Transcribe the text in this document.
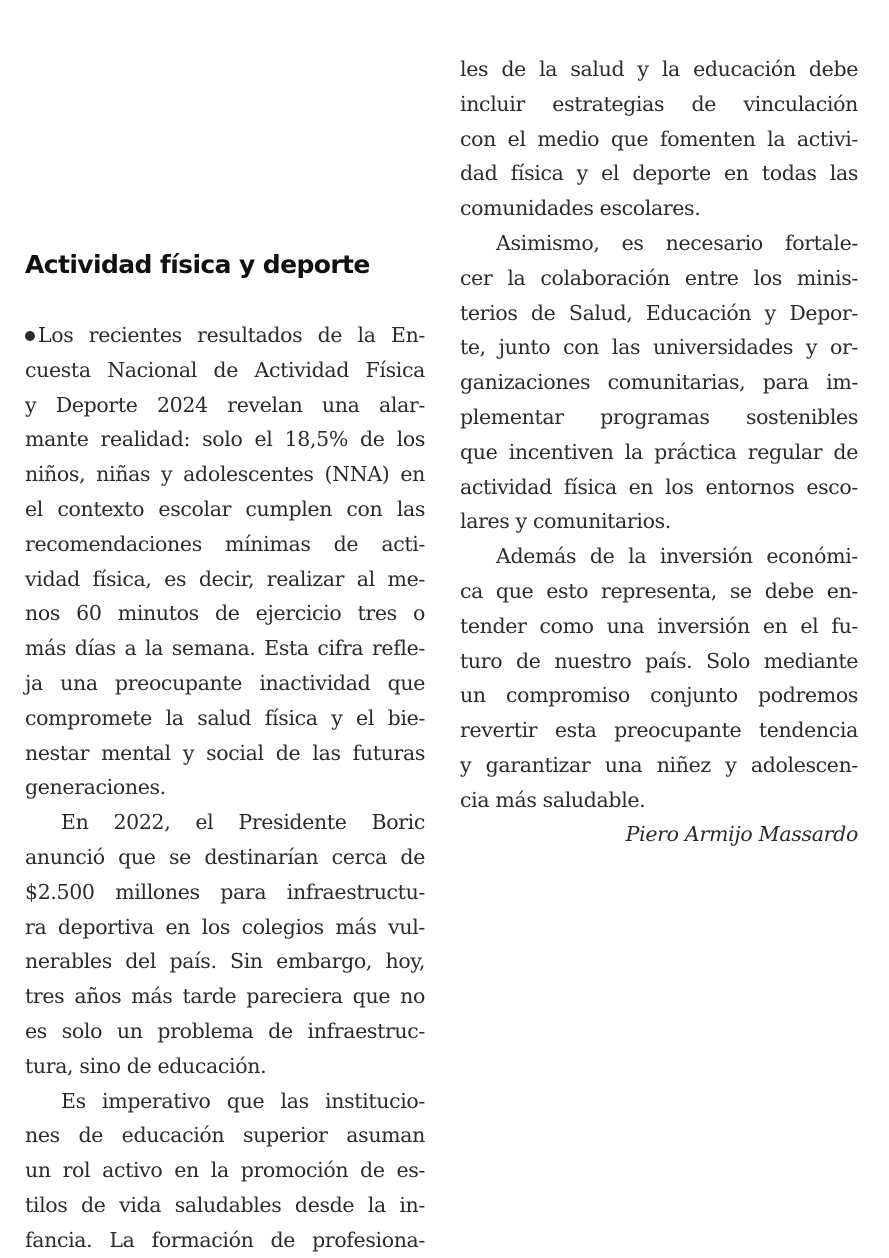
Actividad física y deporte
Los recientes resultados de la En-
cuesta Nacional de Actividad Física
y Deporte 2024 revelan una alar-
mante realidad: solo el 18,5% de los
niños, niñas y adolescentes (NNA) en
el contexto escolar cumplen con las
recomendaciones mínimas de acti-
vidad física, es decir, realizar al me-
nos 60 minutos de ejercicio tres o
más días a la semana. Esta cifra refle-
ja una preocupante inactividad que
compromete la salud física y el bie-
nestar mental y social de las futuras
generaciones.
En 2022, el Presidente Boric
anunció que se destinarían cerca de
$2.500 millones para infraestructu-
ra deportiva en los colegios más vul-
nerables del país. Sin embargo, hoy,
tres años más tarde pareciera que no
es solo un problema de infraestruc-
tura, sino de educación.
Es imperativo que las institucio-
nes de educación superior asuman
un rol activo en la promoción de es-
tilos de vida saludables desde la in-
fancia. La formación de profesiona-
les de la salud y la educación debe
incluir estrategias de vinculación
con el medio que fomenten la activi-
dad física y el deporte en todas las
comunidades escolares.
Asimismo, es necesario fortale-
cer la colaboración entre los minis-
terios de Salud, Educación y Depor-
te, junto con las universidades y or-
ganizaciones comunitarias, para im-
plementar programas sostenibles
que incentiven la práctica regular de
actividad física en los entornos esco-
lares y comunitarios.
Además de la inversión económi-
ca que esto representa, se debe en-
tender como una inversión en el fu-
turo de nuestro país. Solo mediante
un compromiso conjunto podremos
revertir esta preocupante tendencia
y garantizar una niñez y adolescen-
cia más saludable.
Piero Armijo Massardo
